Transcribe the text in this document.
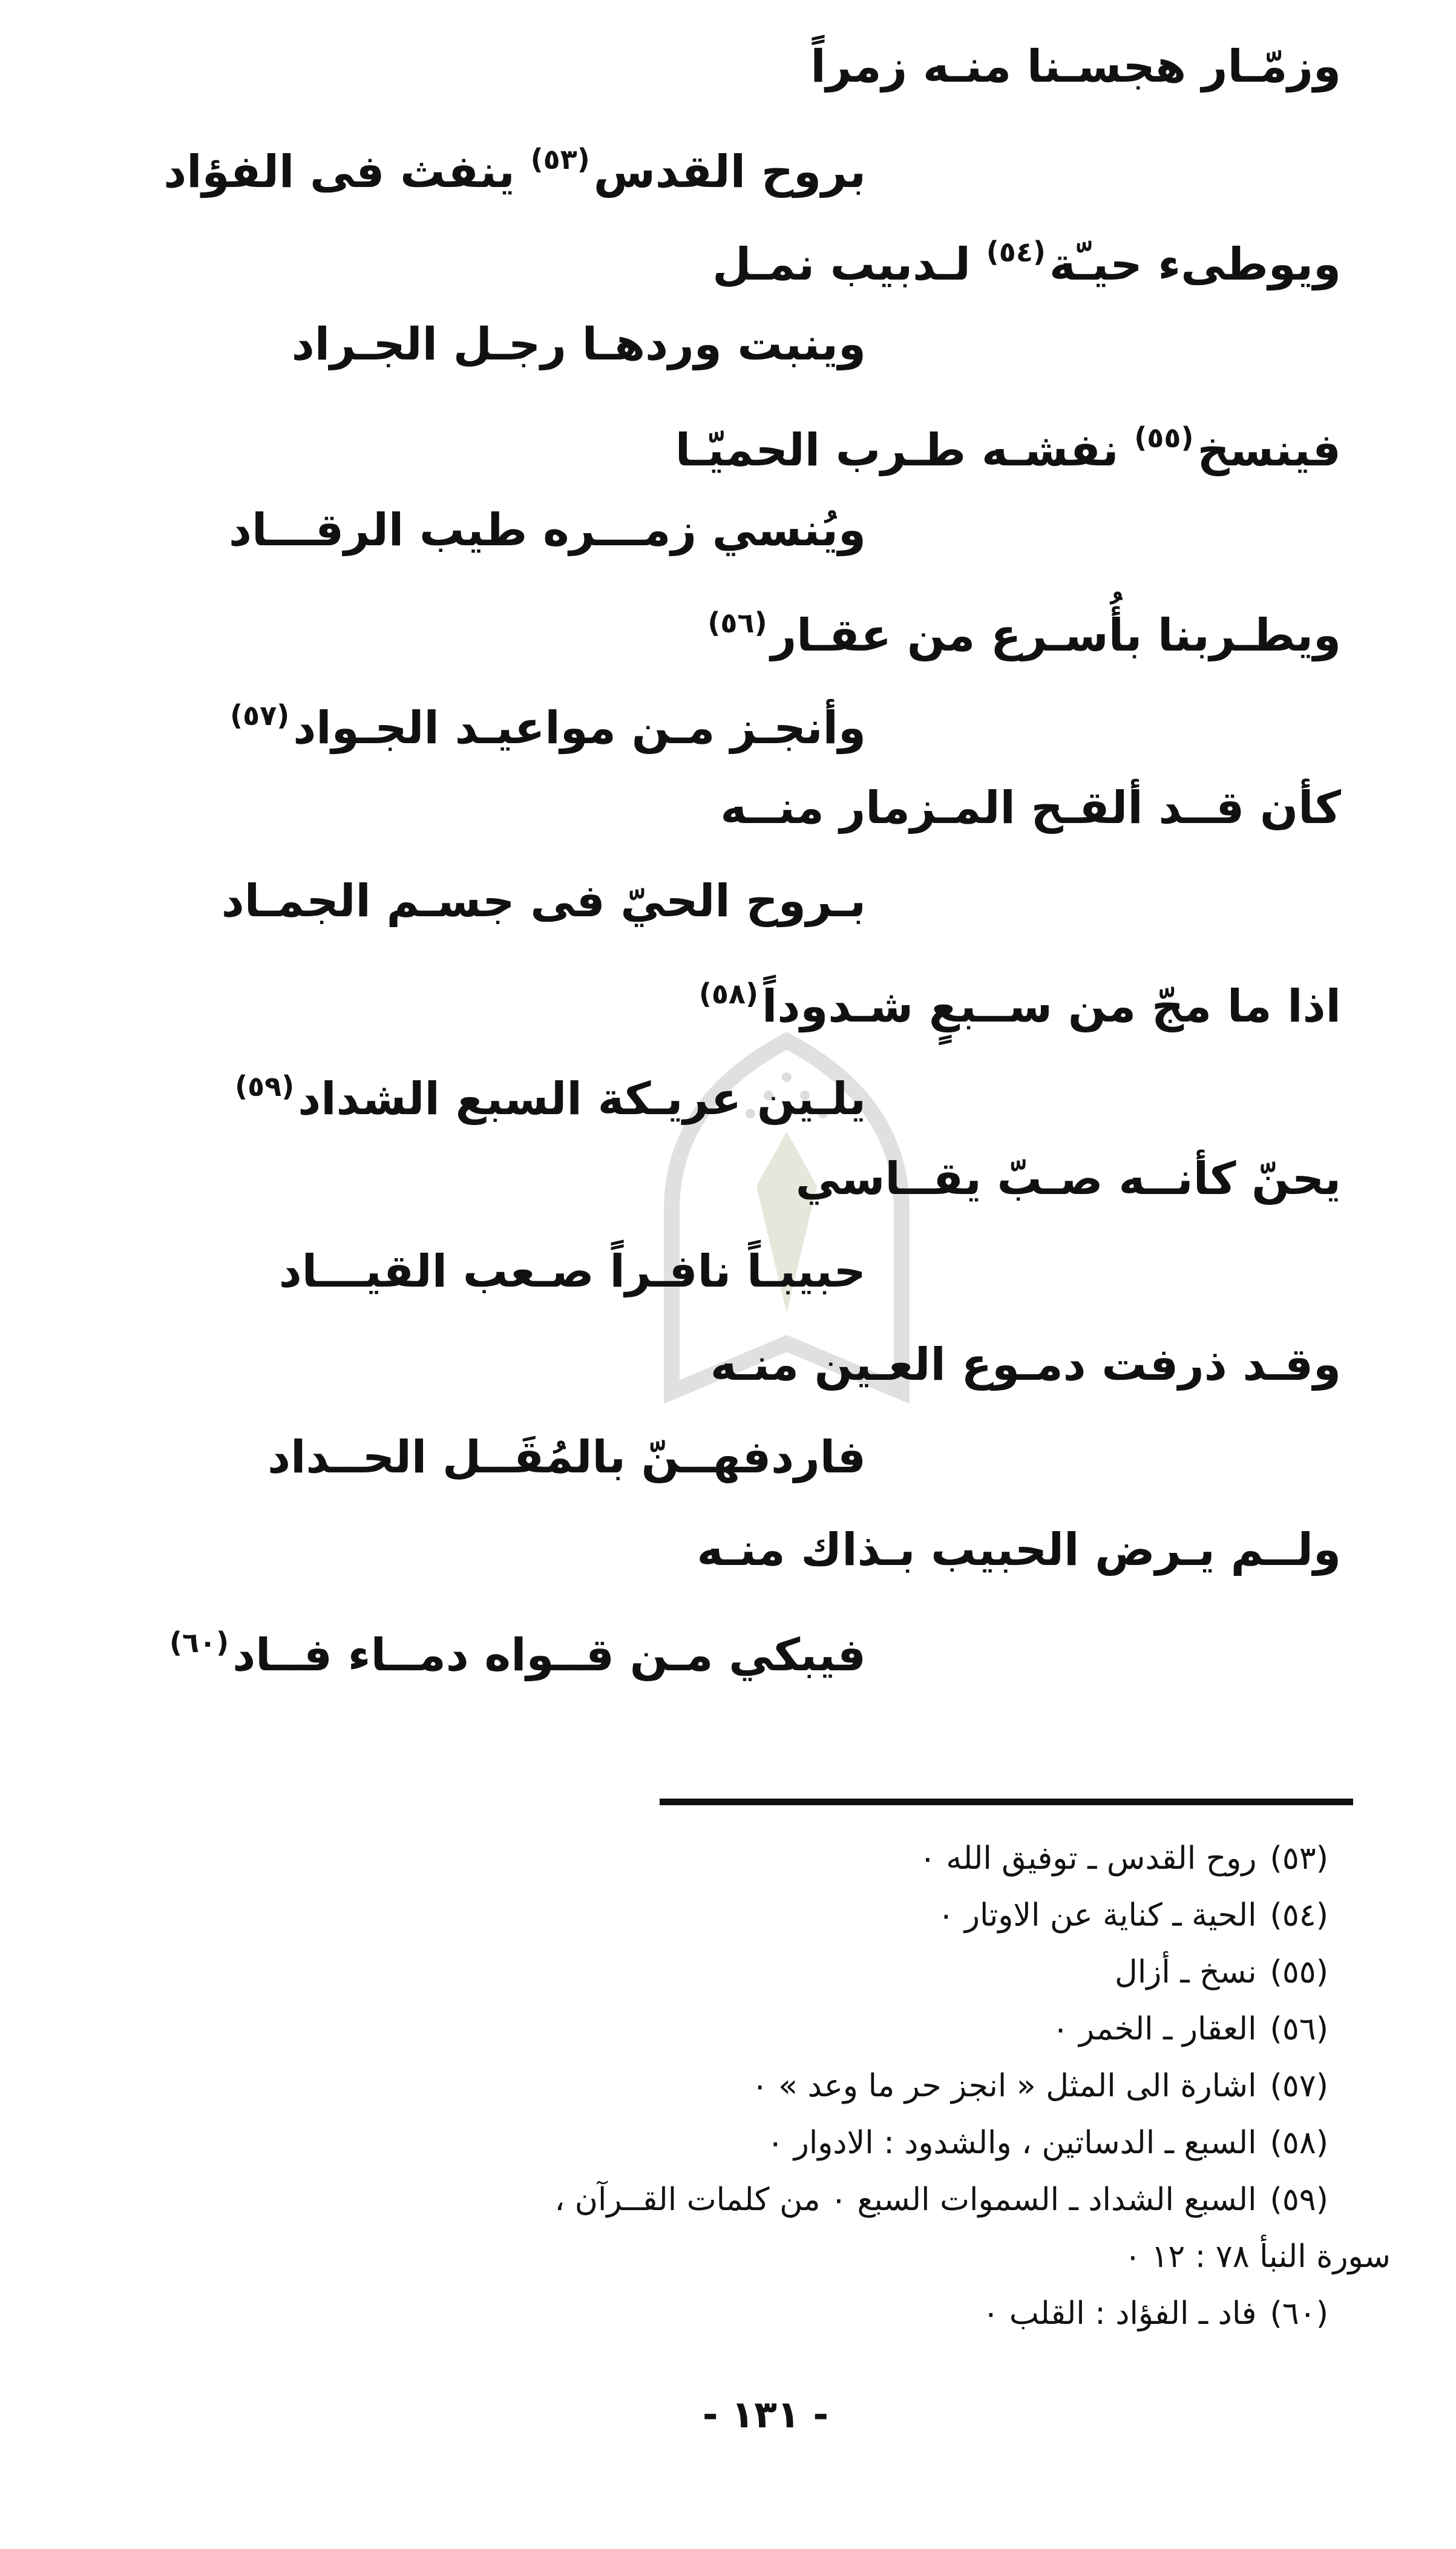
وزمّـار هجسـنا منـه زمراً
بروح القدس$^{(٥٣)}$ ينفث فى الفؤاد
ويوطىء حيـّة$^{(٥٤)}$ لـدبيب نمـل
وينبت وردهـا رجـل الجـراد
فينسخ$^{(٥٥)}$ نفشـه طـرب الحميّـا
ويُنسي زمـــره طيب الرقـــاد
ويطـربنا بأُسـرع من عقـار$^{(٥٦)}$
وأنجـز مـن مواعيـد الجـواد$^{(٥٧)}$
كأن قــد ألقـح المـزمار منــه
بـروح الحيّ فى جسـم الجمـاد
اذا ما مجّ من ســبعٍ شـدوداً$^{(٥٨)}$
يلـين عريـكة السبع الشداد$^{(٥٩)}$
يحنّ كأنــه صـبّ يقــاسي
حبيبـاً نافـراً صـعب القيـــاد
وقـد ذرفت دمـوع العـين منـه
فاردفهــنّ بالمُقَــل الحــداد
ولــم يـرض الحبيب بـذاك منـه
فيبكي مـن قــواه دمــاء فــاد$^{(٦٠)}$
(٥٣)روح القدس ـ توفيق الله ٠
(٥٤)الحية ـ كناية عن الاوتار ٠
(٥٥)نسخ ـ أزال
(٥٦)العقار ـ الخمر ٠
(٥٧)اشارة الى المثل « انجز حر ما وعد » ٠
(٥٨)السبع ـ الدساتين ، والشدود : الادوار ٠
(٥٩)السبع الشداد ـ السموات السبع ٠ من كلمات القــرآن ،
سورة النبأ ٧٨ : ١٢ ٠
(٦٠)فاد ـ الفؤاد : القلب ٠
- ١٣١ -
